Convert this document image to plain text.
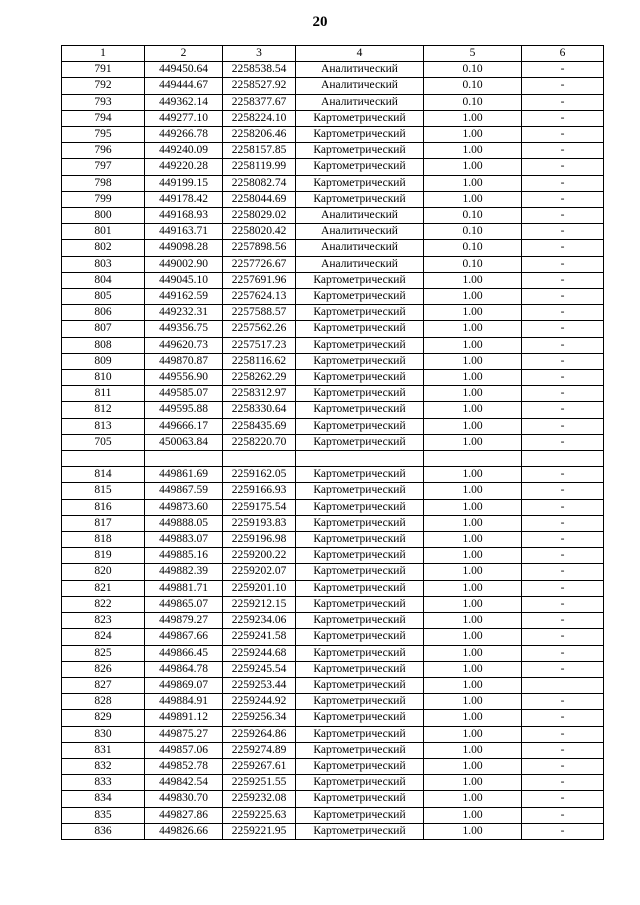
20
1	2	3	4	5	6
791	449450.64	2258538.54	Аналитический	0.10	-
792	449444.67	2258527.92	Аналитический	0.10	-
793	449362.14	2258377.67	Аналитический	0.10	-
794	449277.10	2258224.10	Картометрический	1.00	-
795	449266.78	2258206.46	Картометрический	1.00	-
796	449240.09	2258157.85	Картометрический	1.00	-
797	449220.28	2258119.99	Картометрический	1.00	-
798	449199.15	2258082.74	Картометрический	1.00	-
799	449178.42	2258044.69	Картометрический	1.00	-
800	449168.93	2258029.02	Аналитический	0.10	-
801	449163.71	2258020.42	Аналитический	0.10	-
802	449098.28	2257898.56	Аналитический	0.10	-
803	449002.90	2257726.67	Аналитический	0.10	-
804	449045.10	2257691.96	Картометрический	1.00	-
805	449162.59	2257624.13	Картометрический	1.00	-
806	449232.31	2257588.57	Картометрический	1.00	-
807	449356.75	2257562.26	Картометрический	1.00	-
808	449620.73	2257517.23	Картометрический	1.00	-
809	449870.87	2258116.62	Картометрический	1.00	-
810	449556.90	2258262.29	Картометрический	1.00	-
811	449585.07	2258312.97	Картометрический	1.00	-
812	449595.88	2258330.64	Картометрический	1.00	-
813	449666.17	2258435.69	Картометрический	1.00	-
705	450063.84	2258220.70	Картометрический	1.00	-

814	449861.69	2259162.05	Картометрический	1.00	-
815	449867.59	2259166.93	Картометрический	1.00	-
816	449873.60	2259175.54	Картометрический	1.00	-
817	449888.05	2259193.83	Картометрический	1.00	-
818	449883.07	2259196.98	Картометрический	1.00	-
819	449885.16	2259200.22	Картометрический	1.00	-
820	449882.39	2259202.07	Картометрический	1.00	-
821	449881.71	2259201.10	Картометрический	1.00	-
822	449865.07	2259212.15	Картометрический	1.00	-
823	449879.27	2259234.06	Картометрический	1.00	-
824	449867.66	2259241.58	Картометрический	1.00	-
825	449866.45	2259244.68	Картометрический	1.00	-
826	449864.78	2259245.54	Картометрический	1.00	-
827	449869.07	2259253.44	Картометрический	1.00	
828	449884.91	2259244.92	Картометрический	1.00	-
829	449891.12	2259256.34	Картометрический	1.00	-
830	449875.27	2259264.86	Картометрический	1.00	-
831	449857.06	2259274.89	Картометрический	1.00	-
832	449852.78	2259267.61	Картометрический	1.00	-
833	449842.54	2259251.55	Картометрический	1.00	-
834	449830.70	2259232.08	Картометрический	1.00	-
835	449827.86	2259225.63	Картометрический	1.00	-
836	449826.66	2259221.95	Картометрический	1.00	-
